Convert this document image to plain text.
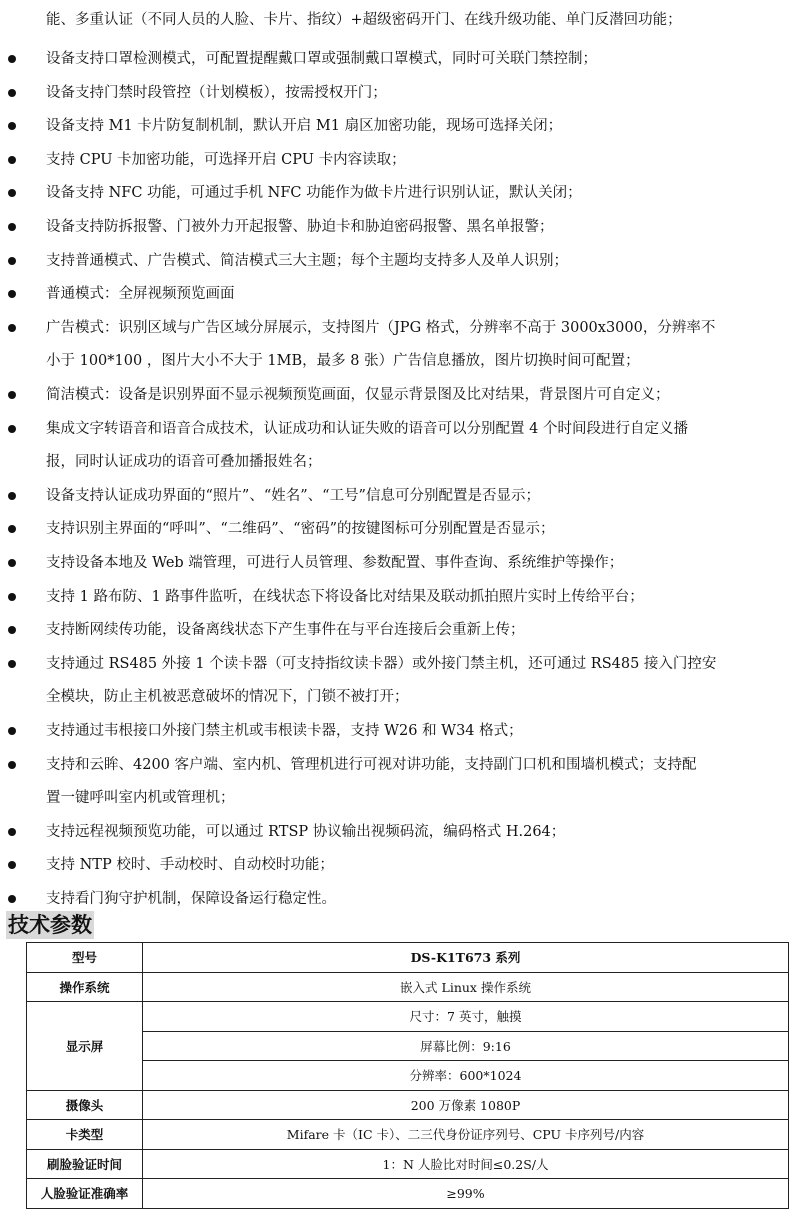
能、多重认证（不同人员的人脸、卡片、指纹）+超级密码开门、在线升级功能、单门反潜回功能；
设备支持口罩检测模式，可配置提醒戴口罩或强制戴口罩模式，同时可关联门禁控制；
设备支持门禁时段管控（计划模板），按需授权开门；
设备支持 M1 卡片防复制机制，默认开启 M1 扇区加密功能，现场可选择关闭；
支持 CPU 卡加密功能，可选择开启 CPU 卡内容读取；
设备支持 NFC 功能，可通过手机 NFC 功能作为做卡片进行识别认证，默认关闭；
设备支持防拆报警、门被外力开起报警、胁迫卡和胁迫密码报警、黑名单报警；
支持普通模式、广告模式、简洁模式三大主题；每个主题均支持多人及单人识别；
普通模式：全屏视频预览画面
广告模式：识别区域与广告区域分屏展示，支持图片（JPG 格式，分辨率不高于 3000x3000，分辨率不
小于 100*100 ，图片大小不大于 1MB，最多 8 张）广告信息播放，图片切换时间可配置；
简洁模式：设备是识别界面不显示视频预览画面，仅显示背景图及比对结果，背景图片可自定义；
集成文字转语音和语音合成技术，认证成功和认证失败的语音可以分别配置 4 个时间段进行自定义播
报，同时认证成功的语音可叠加播报姓名；
设备支持认证成功界面的“照片”、“姓名”、“工号”信息可分别配置是否显示；
支持识别主界面的“呼叫”、“二维码”、“密码”的按键图标可分别配置是否显示；
支持设备本地及 Web 端管理，可进行人员管理、参数配置、事件查询、系统维护等操作；
支持 1 路布防、1 路事件监听，在线状态下将设备比对结果及联动抓拍照片实时上传给平台；
支持断网续传功能，设备离线状态下产生事件在与平台连接后会重新上传；
支持通过 RS485 外接 1 个读卡器（可支持指纹读卡器）或外接门禁主机，还可通过 RS485 接入门控安
全模块，防止主机被恶意破坏的情况下，门锁不被打开；
支持通过韦根接口外接门禁主机或韦根读卡器，支持 W26 和 W34 格式；
支持和云眸、4200 客户端、室内机、管理机进行可视对讲功能，支持副门口机和围墙机模式；支持配
置一键呼叫室内机或管理机；
支持远程视频预览功能，可以通过 RTSP 协议输出视频码流，编码格式 H.264；
支持 NTP 校时、手动校时、自动校时功能；
支持看门狗守护机制，保障设备运行稳定性。
技术参数
型号	DS-K1T673 系列
操作系统	嵌入式 Linux 操作系统
显示屏	尺寸：7 英寸，触摸
	屏幕比例：9:16
	分辨率：600*1024
摄像头	200 万像素 1080P
卡类型	Mifare 卡（IC 卡）、二三代身份证序列号、CPU 卡序列号/内容
刷脸验证时间	1：N 人脸比对时间≤0.2S/人
人脸验证准确率	≥99%
